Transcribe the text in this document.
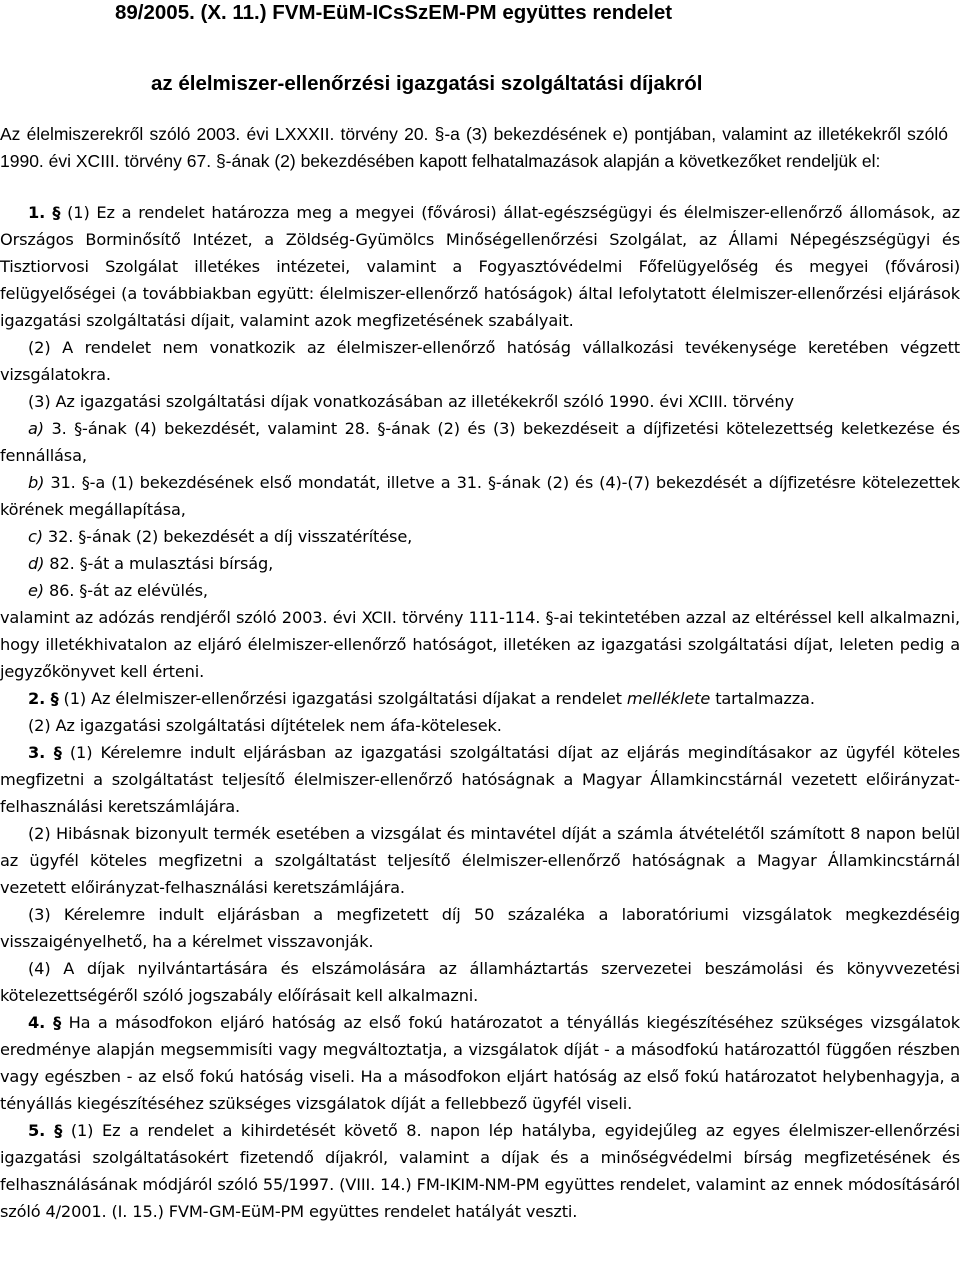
89/2005. (X. 11.) FVM-EüM-ICsSzEM-PM együttes rendelet
az élelmiszer-ellenőrzési igazgatási szolgáltatási díjakról

Az élelmiszerekről szóló 2003. évi LXXXII. törvény 20. §-a (3) bekezdésének e) pontjában, valamint az illetékekről szóló 1990. évi XCIII. törvény 67. §-ának (2) bekezdésében kapott felhatalmazások alapján a következőket rendeljük el:

1. § (1) Ez a rendelet határozza meg a megyei (fővárosi) állat-egészségügyi és élelmiszer-ellenőrző állomások, az Országos Borminősítő Intézet, a Zöldség-Gyümölcs Minőségellenőrzési Szolgálat, az Állami Népegészségügyi és Tisztiorvosi Szolgálat illetékes intézetei, valamint a Fogyasztóvédelmi Főfelügyelőség és megyei (fővárosi) felügyelőségei (a továbbiakban együtt: élelmiszer-ellenőrző hatóságok) által lefolytatott élelmiszer-ellenőrzési eljárások igazgatási szolgáltatási díjait, valamint azok megfizetésének szabályait.

(2) A rendelet nem vonatkozik az élelmiszer-ellenőrző hatóság vállalkozási tevékenysége keretében végzett vizsgálatokra.

(3) Az igazgatási szolgáltatási díjak vonatkozásában az illetékekről szóló 1990. évi XCIII. törvény

a) 3. §-ának (4) bekezdését, valamint 28. §-ának (2) és (3) bekezdéseit a díjfizetési kötelezettség keletkezése és fennállása,

b) 31. §-a (1) bekezdésének első mondatát, illetve a 31. §-ának (2) és (4)-(7) bekezdését a díjfizetésre kötelezettek körének megállapítása,

c) 32. §-ának (2) bekezdését a díj visszatérítése,

d) 82. §-át a mulasztási bírság,

e) 86. §-át az elévülés,

valamint az adózás rendjéről szóló 2003. évi XCII. törvény 111-114. §-ai tekintetében azzal az eltéréssel kell alkalmazni, hogy illetékhivatalon az eljáró élelmiszer-ellenőrző hatóságot, illetéken az igazgatási szolgáltatási díjat, leleten pedig a jegyzőkönyvet kell érteni.

2. § (1) Az élelmiszer-ellenőrzési igazgatási szolgáltatási díjakat a rendelet melléklete tartalmazza.

(2) Az igazgatási szolgáltatási díjtételek nem áfa-kötelesek.

3. § (1) Kérelemre indult eljárásban az igazgatási szolgáltatási díjat az eljárás megindításakor az ügyfél köteles megfizetni a szolgáltatást teljesítő élelmiszer-ellenőrző hatóságnak a Magyar Államkincstárnál vezetett előirányzat-felhasználási keretszámlájára.

(2) Hibásnak bizonyult termék esetében a vizsgálat és mintavétel díját a számla átvételétől számított 8 napon belül az ügyfél köteles megfizetni a szolgáltatást teljesítő élelmiszer-ellenőrző hatóságnak a Magyar Államkincstárnál vezetett előirányzat-felhasználási keretszámlájára.

(3) Kérelemre indult eljárásban a megfizetett díj 50 százaléka a laboratóriumi vizsgálatok megkezdéséig visszaigényelhető, ha a kérelmet visszavonják.

(4) A díjak nyilvántartására és elszámolására az államháztartás szervezetei beszámolási és könyvvezetési kötelezettségéről szóló jogszabály előírásait kell alkalmazni.

4. § Ha a másodfokon eljáró hatóság az első fokú határozatot a tényállás kiegészítéséhez szükséges vizsgálatok eredménye alapján megsemmisíti vagy megváltoztatja, a vizsgálatok díját - a másodfokú határozattól függően részben vagy egészben - az első fokú hatóság viseli. Ha a másodfokon eljárt hatóság az első fokú határozatot helybenhagyja, a tényállás kiegészítéséhez szükséges vizsgálatok díját a fellebbező ügyfél viseli.

5. § (1) Ez a rendelet a kihirdetését követő 8. napon lép hatályba, egyidejűleg az egyes élelmiszer-ellenőrzési igazgatási szolgáltatásokért fizetendő díjakról, valamint a díjak és a minőségvédelmi bírság megfizetésének és felhasználásának módjáról szóló 55/1997. (VIII. 14.) FM-IKIM-NM-PM együttes rendelet, valamint az ennek módosításáról szóló 4/2001. (I. 15.) FVM-GM-EüM-PM együttes rendelet hatályát veszti.
